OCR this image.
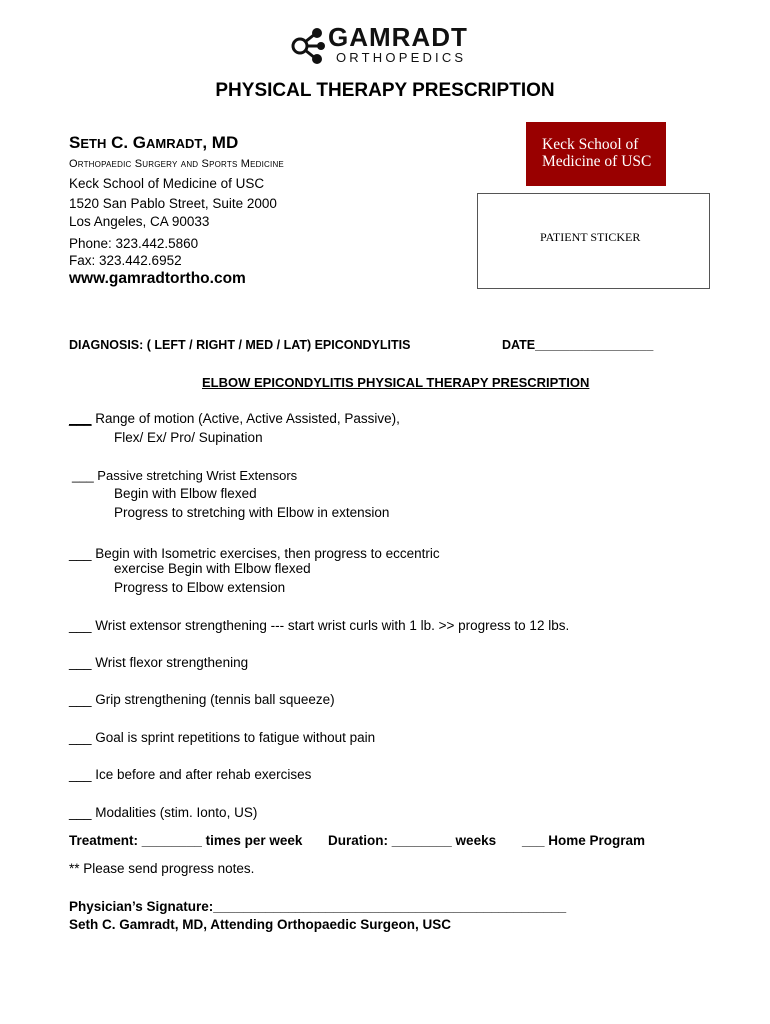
GAMRADT
ORTHOPEDICS
PHYSICAL THERAPY PRESCRIPTION
SETH C. GAMRADT, MD
Orthopaedic Surgery and Sports Medicine
Keck School of Medicine of USC
1520 San Pablo Street, Suite 2000
Los Angeles, CA 90033
Phone: 323.442.5860
Fax: 323.442.6952
www.gamradtortho.com
Keck School of
Medicine of USC
PATIENT STICKER
DIAGNOSIS: ( LEFT / RIGHT / MED / LAT) EPICONDYLITIS	DATE_________________
ELBOW EPICONDYLITIS PHYSICAL THERAPY PRESCRIPTION
___ Range of motion (Active, Active Assisted, Passive),
Flex/ Ex/ Pro/ Supination
___ Passive stretching Wrist Extensors
Begin with Elbow flexed
Progress to stretching with Elbow in extension
___ Begin with Isometric exercises, then progress to eccentric
exercise Begin with Elbow flexed
Progress to Elbow extension
___ Wrist extensor strengthening --- start wrist curls with 1 lb. >> progress to 12 lbs.
___ Wrist flexor strengthening
___ Grip strengthening (tennis ball squeeze)
___ Goal is sprint repetitions to fatigue without pain
___ Ice before and after rehab exercises
___ Modalities (stim. Ionto, US)
Treatment: ________ times per week Duration: ________ weeks ___ Home Program
** Please send progress notes.
Physician’s Signature:_______________________________________________
Seth C. Gamradt, MD, Attending Orthopaedic Surgeon, USC
